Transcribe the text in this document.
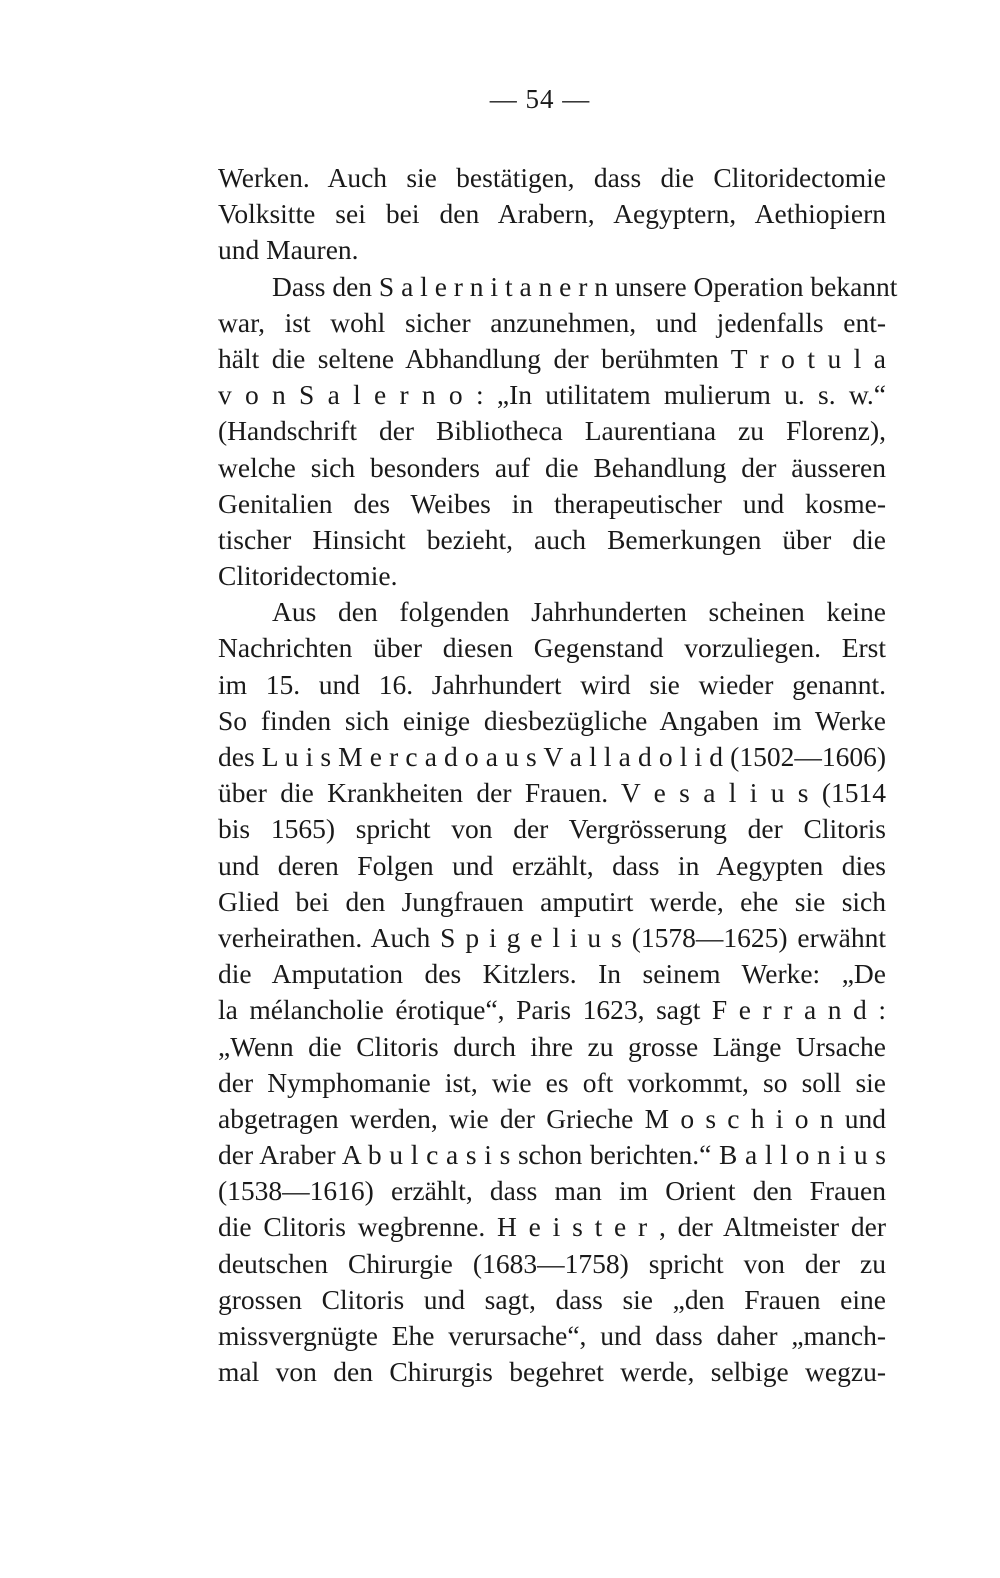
— 54 —
Werken. Auch sie bestätigen, dass die Clitoridectomie
Volksitte sei bei den Arabern, Aegyptern, Aethiopiern
und Mauren.
Dass den S a l e r n i t a n e r n unsere Operation bekannt
war, ist wohl sicher anzunehmen, und jedenfalls ent-
hält die seltene Abhandlung der berühmten T r o t u l a
v o n S a l e r n o : „In utilitatem mulierum u. s. w.“
(Handschrift der Bibliotheca Laurentiana zu Florenz),
welche sich besonders auf die Behandlung der äusseren
Genitalien des Weibes in therapeutischer und kosme-
tischer Hinsicht bezieht, auch Bemerkungen über die
Clitoridectomie.
Aus den folgenden Jahrhunderten scheinen keine
Nachrichten über diesen Gegenstand vorzuliegen. Erst
im 15. und 16. Jahrhundert wird sie wieder genannt.
So finden sich einige diesbezügliche Angaben im Werke
des L u i s M e r c a d o a u s V a l l a d o l i d (1502—1606)
über die Krankheiten der Frauen. V e s a l i u s (1514
bis 1565) spricht von der Vergrösserung der Clitoris
und deren Folgen und erzählt, dass in Aegypten dies
Glied bei den Jungfrauen amputirt werde, ehe sie sich
verheirathen. Auch S p i g e l i u s (1578—1625) erwähnt
die Amputation des Kitzlers. In seinem Werke: „De
la mélancholie érotique“, Paris 1623, sagt F e r r a n d :
„Wenn die Clitoris durch ihre zu grosse Länge Ursache
der Nymphomanie ist, wie es oft vorkommt, so soll sie
abgetragen werden, wie der Grieche M o s c h i o n und
der Araber A b u l c a s i s schon berichten.“ B a l l o n i u s
(1538—1616) erzählt, dass man im Orient den Frauen
die Clitoris wegbrenne. H e i s t e r , der Altmeister der
deutschen Chirurgie (1683—1758) spricht von der zu
grossen Clitoris und sagt, dass sie „den Frauen eine
missvergnügte Ehe verursache“, und dass daher „manch-
mal von den Chirurgis begehret werde, selbige wegzu-
